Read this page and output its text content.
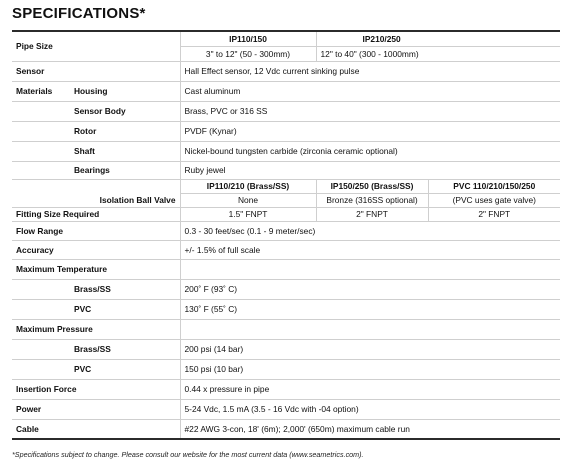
SPECIFICATIONS*
Pipe Size		IP110/150	IP210/250	
		3" to 12" (50 - 300mm)	12" to 40" (300 - 1000mm)	
Sensor		Hall Effect sensor, 12 Vdc current sinking pulse		
Materials	Housing	Cast aluminum		
	Sensor Body	Brass, PVC or 316 SS		
	Rotor	PVDF (Kynar)		
	Shaft	Nickel-bound tungsten carbide (zirconia ceramic optional)		
	Bearings	Ruby jewel		
		IP110/210 (Brass/SS)	IP150/250 (Brass/SS)	PVC 110/210/150/250
	Isolation Ball Valve	None	Bronze (316SS optional)	(PVC uses gate valve)
Fitting Size Required		1.5" FNPT	2" FNPT	2" FNPT
Flow Range		0.3 - 30 feet/sec (0.1 - 9 meter/sec)		
Accuracy		+/- 1.5% of full scale		
Maximum Temperature				
	Brass/SS	200˚ F (93˚ C)		
	PVC	130˚ F (55˚ C)		
Maximum Pressure				
	Brass/SS	200 psi (14 bar)		
	PVC	150 psi (10 bar)		
Insertion Force		0.44 x pressure in pipe		
Power		5-24 Vdc, 1.5 mA (3.5 - 16 Vdc with -04 option)		
Cable		#22 AWG 3-con, 18' (6m); 2,000' (650m) maximum cable run		
*Specifications subject to change. Please consult our website for the most current data (www.seametrics.com).
